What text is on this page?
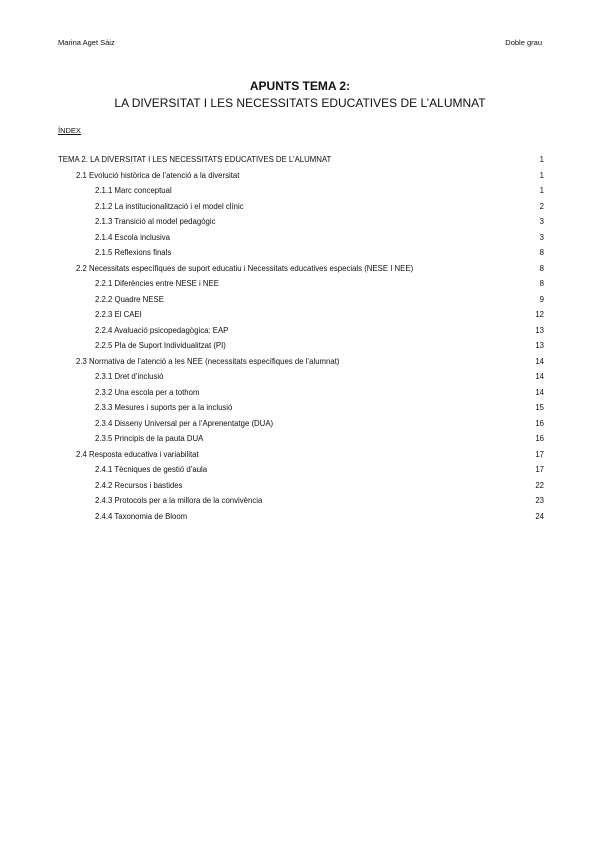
Marina Aget Sáiz	Doble grau
APUNTS TEMA 2:
LA DIVERSITAT I LES NECESSITATS EDUCATIVES DE L’ALUMNAT
ÍNDEX
TEMA 2. LA DIVERSITAT I LES NECESSITATS EDUCATIVES DE L’ALUMNAT	1
2.1 Evolució històrica de l’atenció a la diversitat	1
2.1.1 Marc conceptual	1
2.1.2 La institucionalització i el model clínic	2
2.1.3 Transició al model pedagògic	3
2.1.4 Escola inclusiva	3
2.1.5 Reflexions finals	8
2.2 Necessitats específiques de suport educatiu i Necessitats educatives especials (NESE I NEE)	8
2.2.1 Diferències entre NESE i NEE	8
2.2.2 Quadre NESE	9
2.2.3 El CAEI	12
2.2.4 Avaluació psicopedagògica: EAP	13
2.2.5 Pla de Suport Individualitzat (PI)	13
2.3 Normativa de l’atenció a les NEE (necessitats específiques de l’alumnat)	14
2.3.1 Dret d’inclusió	14
2.3.2 Una escola per a tothom	14
2.3.3 Mesures i suports per a la inclusió	15
2.3.4 Disseny Universal per a l’Aprenentatge (DUA)	16
2.3.5 Principis de la pauta DUA	16
2.4 Resposta educativa i variabilitat	17
2.4.1 Tècniques de gestió d’aula	17
2.4.2 Recursos i bastides	22
2.4.3 Protocols per a la millora de la convivència	23
2.4.4 Taxonomia de Bloom	24
